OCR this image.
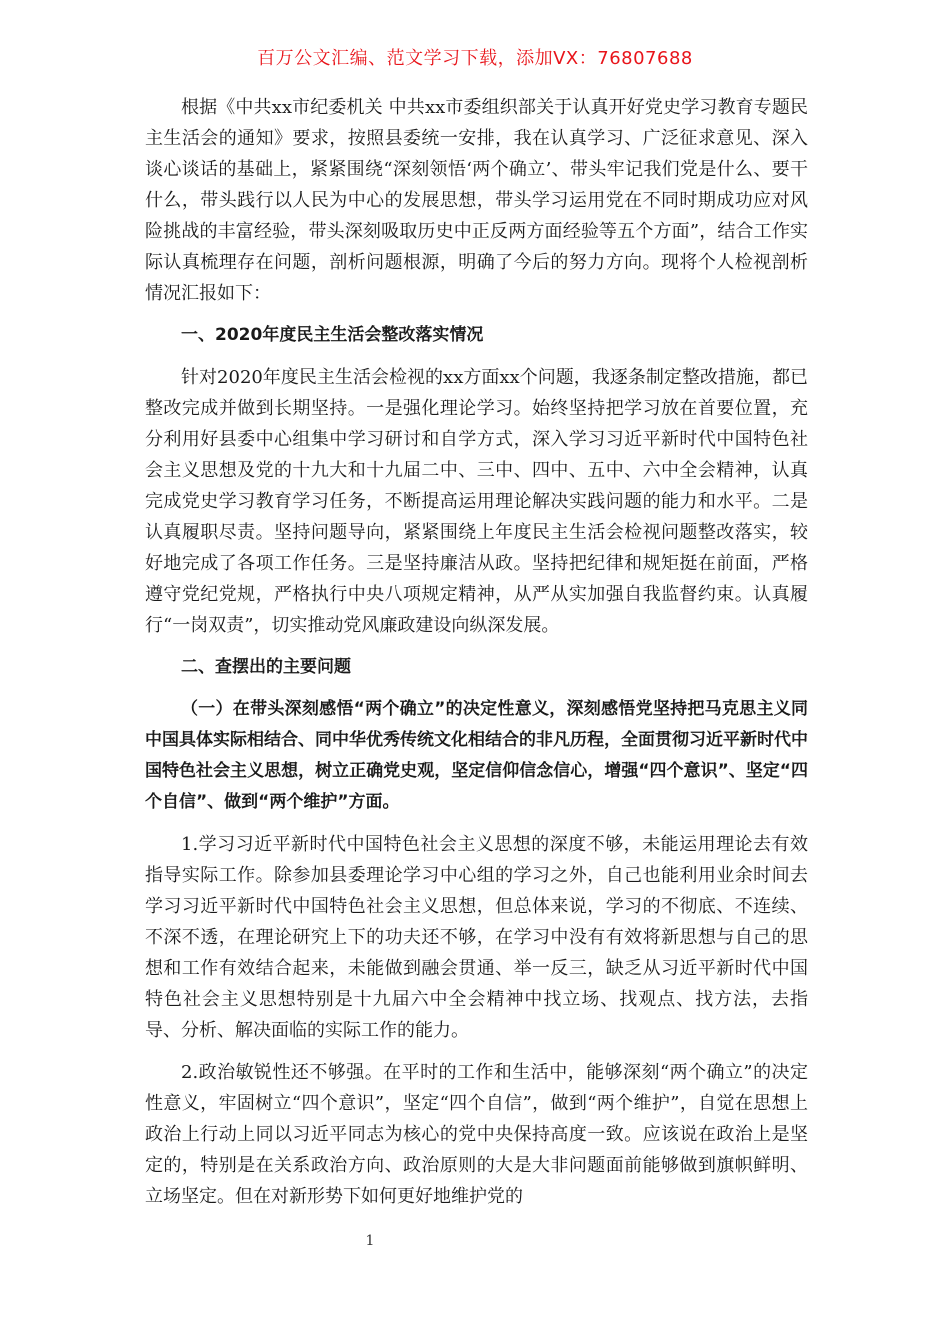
百万公文汇编、范文学习下载，添加VX：76807688

根据《中共xx市纪委机关 中共xx市委组织部关于认真开好党史学习教育专题民主生活会的通知》要求，按照县委统一安排，我在认真学习、广泛征求意见、深入谈心谈话的基础上，紧紧围绕“深刻领悟‘两个确立’、带头牢记我们党是什么、要干什么，带头践行以人民为中心的发展思想，带头学习运用党在不同时期成功应对风险挑战的丰富经验，带头深刻吸取历史中正反两方面经验等五个方面”，结合工作实际认真梳理存在问题，剖析问题根源，明确了今后的努力方向。现将个人检视剖析情况汇报如下：

一、2020年度民主生活会整改落实情况

针对2020年度民主生活会检视的xx方面xx个问题，我逐条制定整改措施，都已整改完成并做到长期坚持。一是强化理论学习。始终坚持把学习放在首要位置，充分利用好县委中心组集中学习研讨和自学方式，深入学习习近平新时代中国特色社会主义思想及党的十九大和十九届二中、三中、四中、五中、六中全会精神，认真完成党史学习教育学习任务，不断提高运用理论解决实践问题的能力和水平。二是认真履职尽责。坚持问题导向，紧紧围绕上年度民主生活会检视问题整改落实，较好地完成了各项工作任务。三是坚持廉洁从政。坚持把纪律和规矩挺在前面，严格遵守党纪党规，严格执行中央八项规定精神，从严从实加强自我监督约束。认真履行“一岗双责”，切实推动党风廉政建设向纵深发展。

二、查摆出的主要问题

（一）在带头深刻感悟“两个确立”的决定性意义，深刻感悟党坚持把马克思主义同中国具体实际相结合、同中华优秀传统文化相结合的非凡历程，全面贯彻习近平新时代中国特色社会主义思想，树立正确党史观，坚定信仰信念信心，增强“四个意识”、坚定“四个自信”、做到“两个维护”方面。

1.学习习近平新时代中国特色社会主义思想的深度不够，未能运用理论去有效指导实际工作。除参加县委理论学习中心组的学习之外，自己也能利用业余时间去学习习近平新时代中国特色社会主义思想，但总体来说，学习的不彻底、不连续、不深不透，在理论研究上下的功夫还不够，在学习中没有有效将新思想与自己的思想和工作有效结合起来，未能做到融会贯通、举一反三，缺乏从习近平新时代中国特色社会主义思想特别是十九届六中全会精神中找立场、找观点、找方法，去指导、分析、解决面临的实际工作的能力。

2.政治敏锐性还不够强。在平时的工作和生活中，能够深刻“两个确立”的决定性意义，牢固树立“四个意识”，坚定“四个自信”，做到“两个维护”，自觉在思想上政治上行动上同以习近平同志为核心的党中央保持高度一致。应该说在政治上是坚定的，特别是在关系政治方向、政治原则的大是大非问题面前能够做到旗帜鲜明、立场坚定。但在对新形势下如何更好地维护党的

1
